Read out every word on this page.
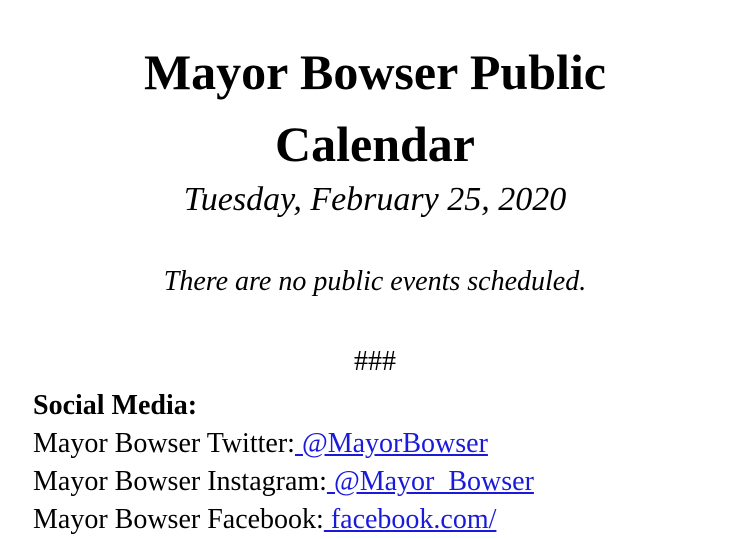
Mayor Bowser Public
Calendar
Tuesday, February 25, 2020
There are no public events scheduled.
###
Social Media:
Mayor Bowser Twitter: @MayorBowser
Mayor Bowser Instagram: @Mayor_Bowser
Mayor Bowser Facebook: facebook.com/
